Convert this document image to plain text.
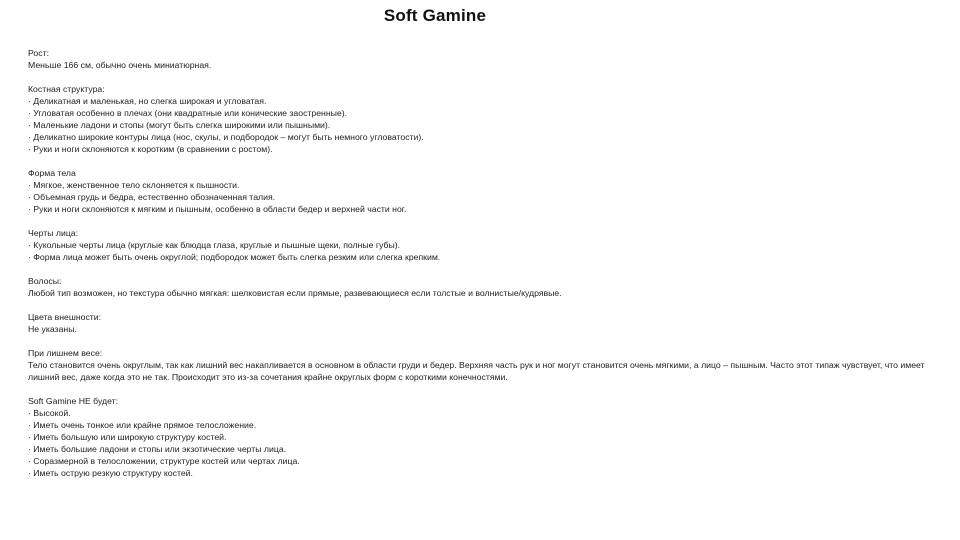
Soft Gamine
Рост:
Меньше 166 см, обычно очень миниатюрная.
Костная структура:
· Деликатная и маленькая, но слегка широкая и угловатая.
· Угловатая особенно в плечах (они квадратные или конические заостренные).
· Маленькие ладони и стопы (могут быть слегка широкими или пышными).
· Деликатно широкие контуры лица (нос, скулы, и подбородок – могут быть немного угловатости).
· Руки и ноги склоняются к коротким (в сравнении с ростом).
Форма тела
· Мягкое, женственное тело склоняется к пышности.
· Объемная грудь и бедра, естественно обозначенная талия.
· Руки и ноги склоняются к мягким и пышным, особенно в области бедер и верхней части ног.
Черты лица:
· Кукольные черты лица (круглые как блюдца глаза, круглые и пышные щеки, полные губы).
· Форма лица может быть очень округлой; подбородок может быть слегка резким или слегка крепким.
Волосы:
Любой тип возможен, но текстура обычно мягкая: шелковистая если прямые, развевающиеся если толстые и волнистые/кудрявые.
Цвета внешности:
Не указаны.
При лишнем весе:
Тело становится очень округлым, так как лишний вес накапливается в основном в области груди и бедер. Верхняя часть рук и ног могут становится очень мягкими, а лицо – пышным. Часто этот типаж чувствует, что имеет лишний вес, даже когда это не так. Происходит это из-за сочетания крайне округлых форм с короткими конечностями.
Soft Gamine НЕ будет:
· Высокой.
· Иметь очень тонкое или крайне прямое телосложение.
· Иметь большую или широкую структуру костей.
· Иметь большие ладони и стопы или экзотические черты лица.
· Соразмерной в телосложении, структуре костей или чертах лица.
· Иметь острую резкую структуру костей.
